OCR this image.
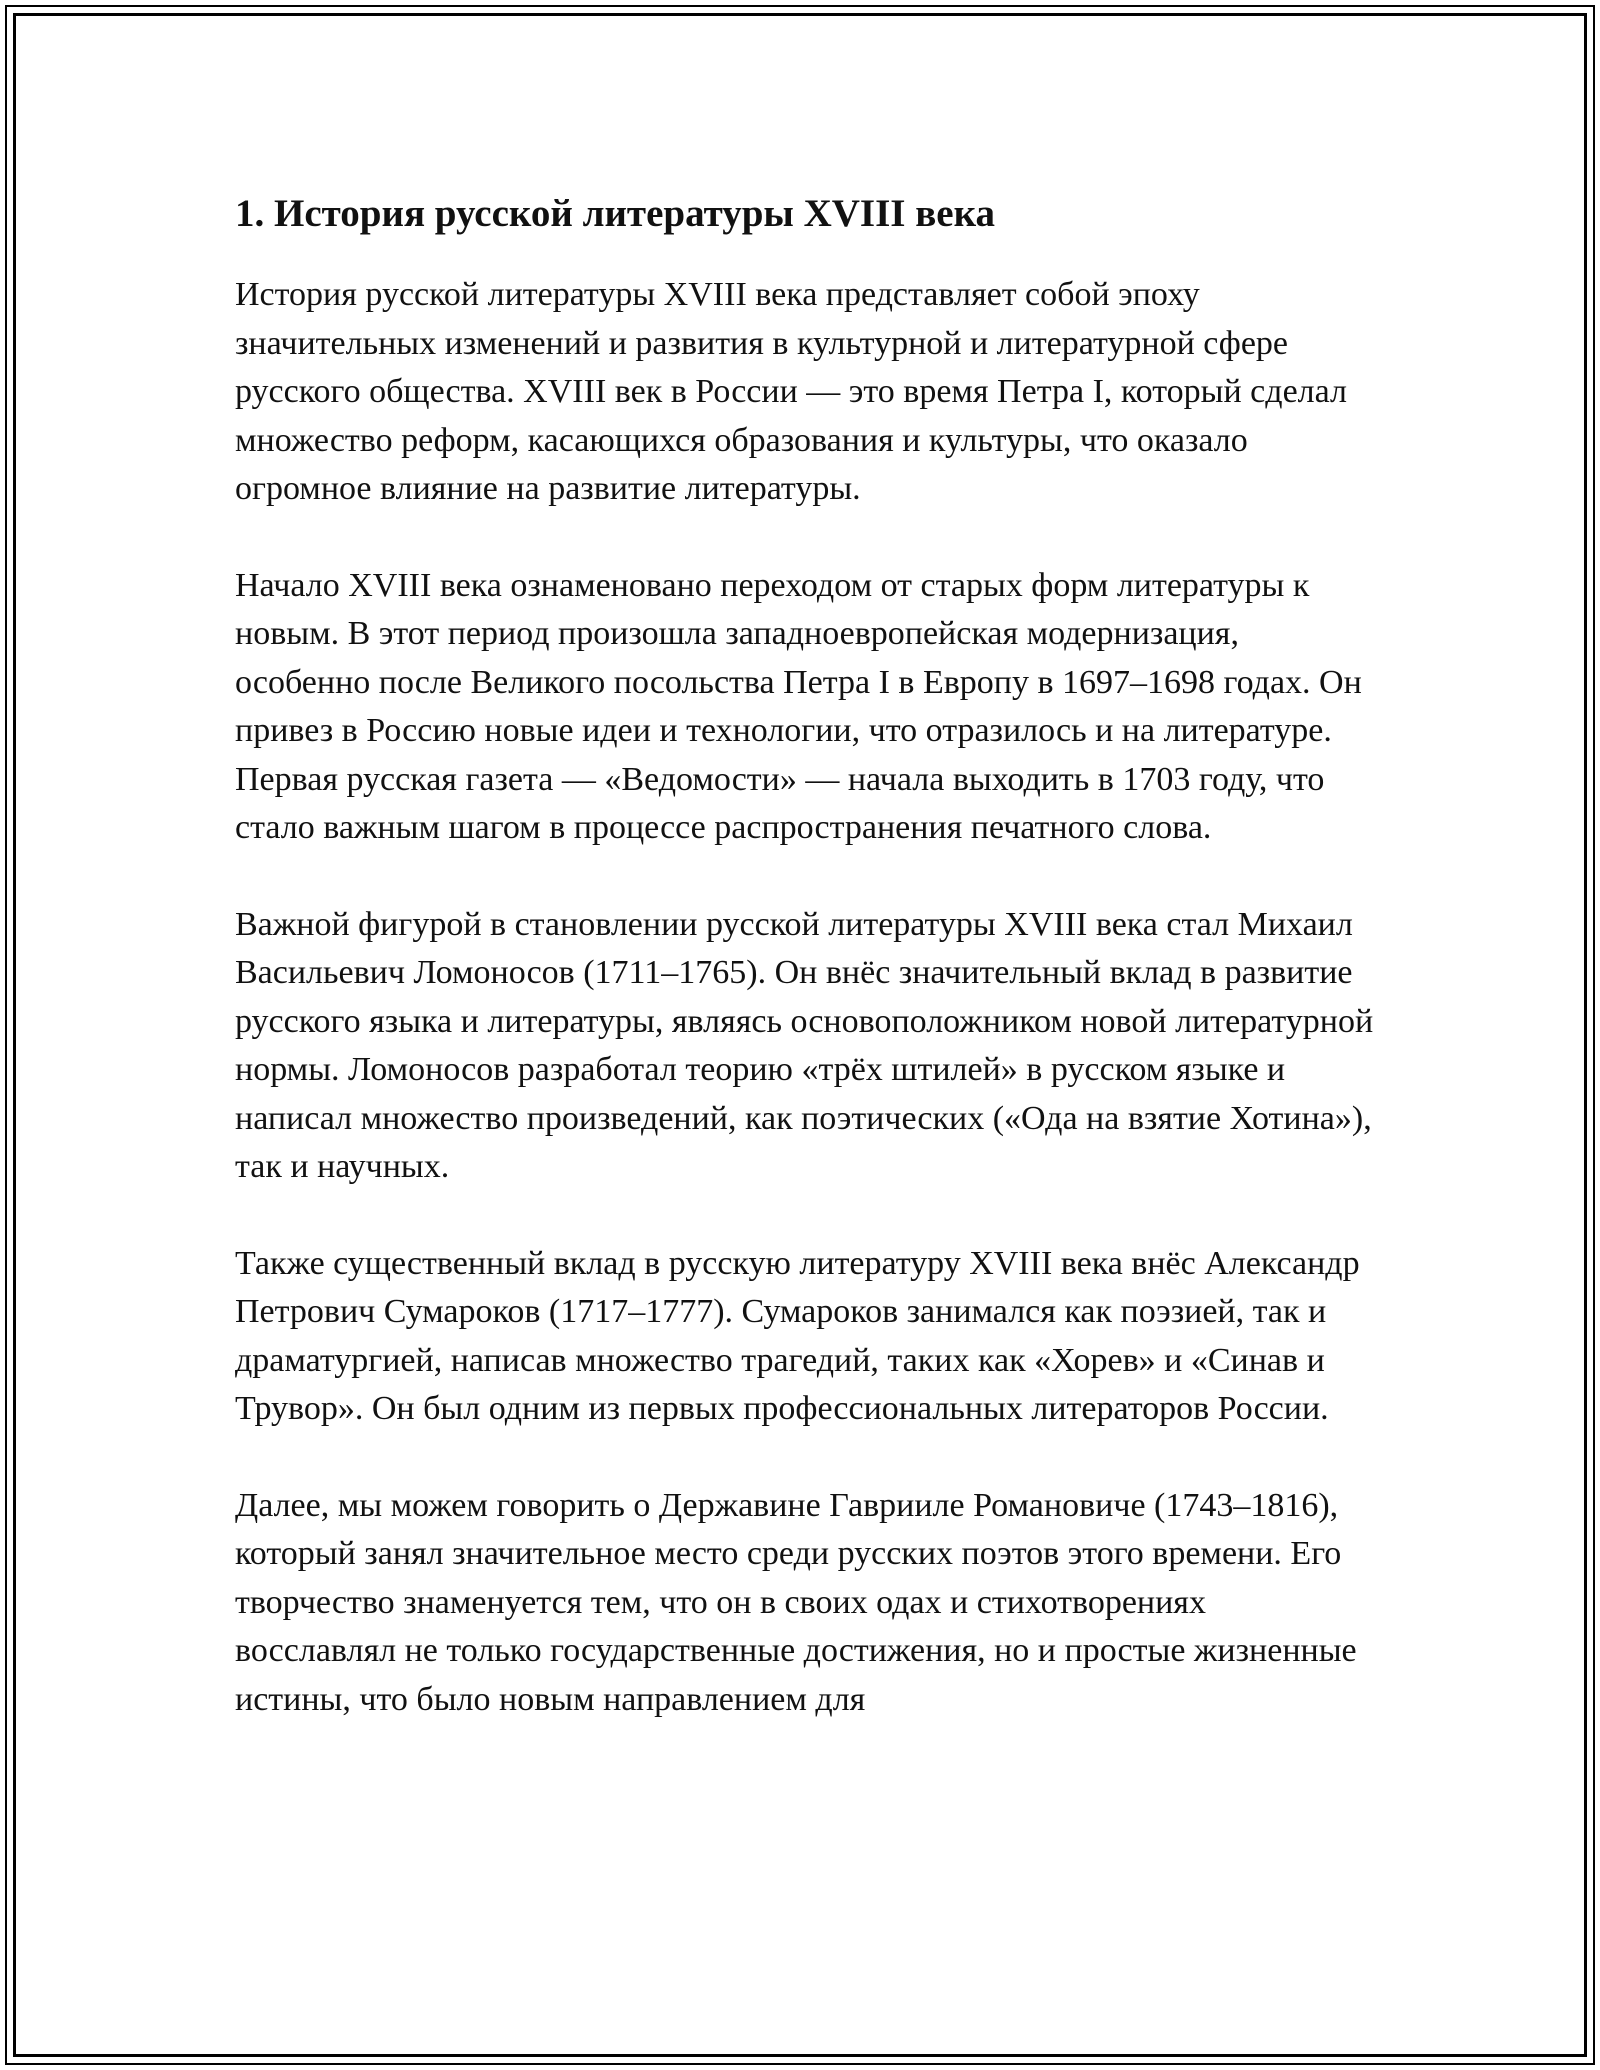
1. История русской литературы XVIII века

История русской литературы XVIII века представляет собой эпоху значительных изменений и развития в культурной и литературной сфере русского общества. XVIII век в России — это время Петра I, который сделал множество реформ, касающихся образования и культуры, что оказало огромное влияние на развитие литературы.

Начало XVIII века ознаменовано переходом от старых форм литературы к новым. В этот период произошла западноевропейская модернизация, особенно после Великого посольства Петра I в Европу в 1697–1698 годах. Он привез в Россию новые идеи и технологии, что отразилось и на литературе. Первая русская газета — «Ведомости» — начала выходить в 1703 году, что стало важным шагом в процессе распространения печатного слова.

Важной фигурой в становлении русской литературы XVIII века стал Михаил Васильевич Ломоносов (1711–1765). Он внёс значительный вклад в развитие русского языка и литературы, являясь основоположником новой литературной нормы. Ломоносов разработал теорию «трёх штилей» в русском языке и написал множество произведений, как поэтических («Ода на взятие Хотина»), так и научных.

Также существенный вклад в русскую литературу XVIII века внёс Александр Петрович Сумароков (1717–1777). Сумароков занимался как поэзией, так и драматургией, написав множество трагедий, таких как «Хорев» и «Синав и Трувор». Он был одним из первых профессиональных литераторов России.

Далее, мы можем говорить о Державине Гаврииле Романовиче (1743–1816), который занял значительное место среди русских поэтов этого времени. Его творчество знаменуется тем, что он в своих одах и стихотворениях восславлял не только государственные достижения, но и простые жизненные истины, что было новым направлением для
